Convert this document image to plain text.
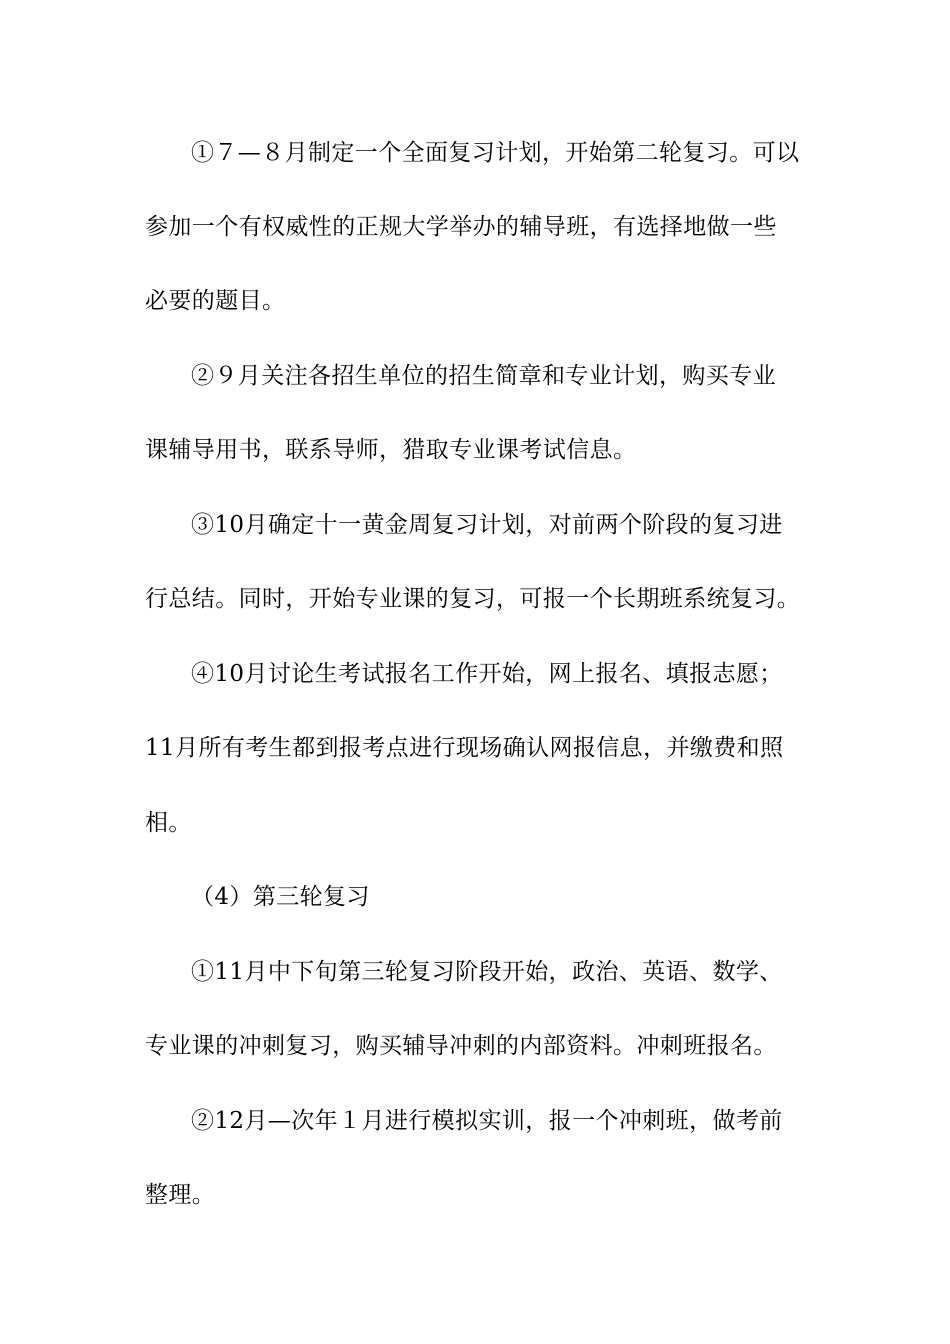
①７—８月制定一个全面复习计划，开始第二轮复习。可以
参加一个有权威性的正规大学举办的辅导班，有选择地做一些
必要的题目。
②９月关注各招生单位的招生简章和专业计划，购买专业
课辅导用书，联系导师，猎取专业课考试信息。
③10月确定十一黄金周复习计划，对前两个阶段的复习进
行总结。同时，开始专业课的复习，可报一个长期班系统复习。
④10月讨论生考试报名工作开始，网上报名、填报志愿；
11月所有考生都到报考点进行现场确认网报信息，并缴费和照
相。
（4）第三轮复习
①11月中下旬第三轮复习阶段开始，政治、英语、数学、
专业课的冲刺复习，购买辅导冲刺的内部资料。冲刺班报名。
②12月—次年１月进行模拟实训，报一个冲刺班，做考前
整理。
